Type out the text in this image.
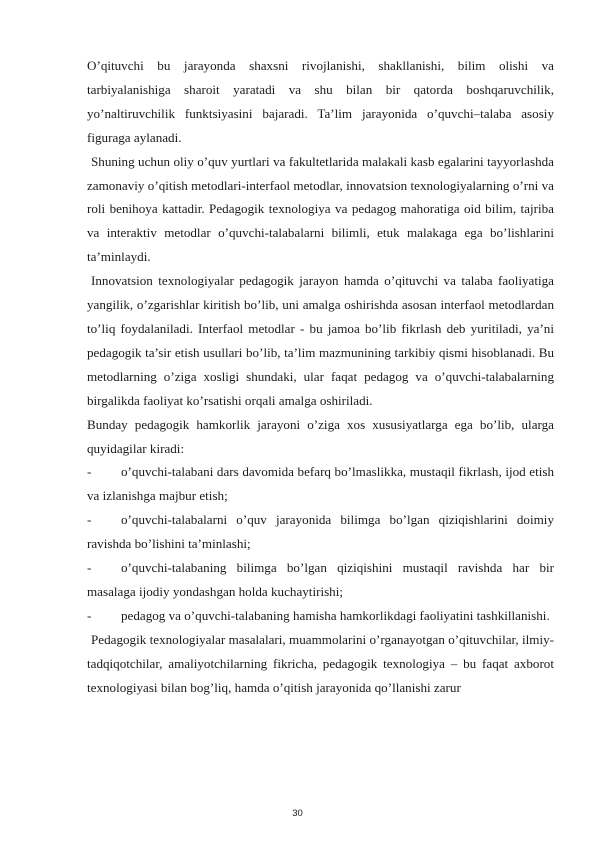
O’qituvchi bu jarayonda shaxsni rivojlanishi, shakllanishi, bilim olishi va tarbiyalanishiga sharoit yaratadi va shu bilan bir qatorda boshqaruvchilik, yo’naltiruvchilik funktsiyasini bajaradi. Ta’lim jarayonida o’quvchi–talaba asosiy figuraga aylanadi.

Shuning uchun oliy o’quv yurtlari va fakultetlarida malakali kasb egalarini tayyorlashda zamonaviy o’qitish metodlari-interfaol metodlar, innovatsion texnologiyalarning o’rni va roli benihoya kattadir. Pedagogik texnologiya va pedagog mahoratiga oid bilim, tajriba va interaktiv metodlar o’quvchi-talabalarni bilimli, etuk malakaga ega bo’lishlarini ta’minlaydi.

Innovatsion texnologiyalar pedagogik jarayon hamda o’qituvchi va talaba faoliyatiga yangilik, o’zgarishlar kiritish bo’lib, uni amalga oshirishda asosan interfaol metodlardan to’liq foydalaniladi. Interfaol metodlar - bu jamoa bo’lib fikrlash deb yuritiladi, ya’ni pedagogik ta’sir etish usullari bo’lib, ta’lim mazmunining tarkibiy qismi hisoblanadi. Bu metodlarning o’ziga xosligi shundaki, ular faqat pedagog va o’quvchi-talabalarning birgalikda faoliyat ko’rsatishi orqali amalga oshiriladi.

Bunday pedagogik hamkorlik jarayoni o’ziga xos xususiyatlarga ega bo’lib, ularga quyidagilar kiradi:

- o’quvchi-talabani dars davomida befarq bo’lmaslikka, mustaqil fikrlash, ijod etish va izlanishga majbur etish;

- o’quvchi-talabalarni o’quv jarayonida bilimga bo’lgan qiziqishlarini doimiy ravishda bo’lishini ta’minlashi;

- o’quvchi-talabaning bilimga bo’lgan qiziqishini mustaqil ravishda har bir masalaga ijodiy yondashgan holda kuchaytirishi;

- pedagog va o’quvchi-talabaning hamisha hamkorlikdagi faoliyatini tashkillanishi.

Pedagogik texnologiyalar masalalari, muammolarini o’rganayotgan o’qituvchilar, ilmiy-tadqiqotchilar, amaliyotchilarning fikricha, pedagogik texnologiya – bu faqat axborot texnologiyasi bilan bog’liq, hamda o’qitish jarayonida qo’llanishi zarur

30
